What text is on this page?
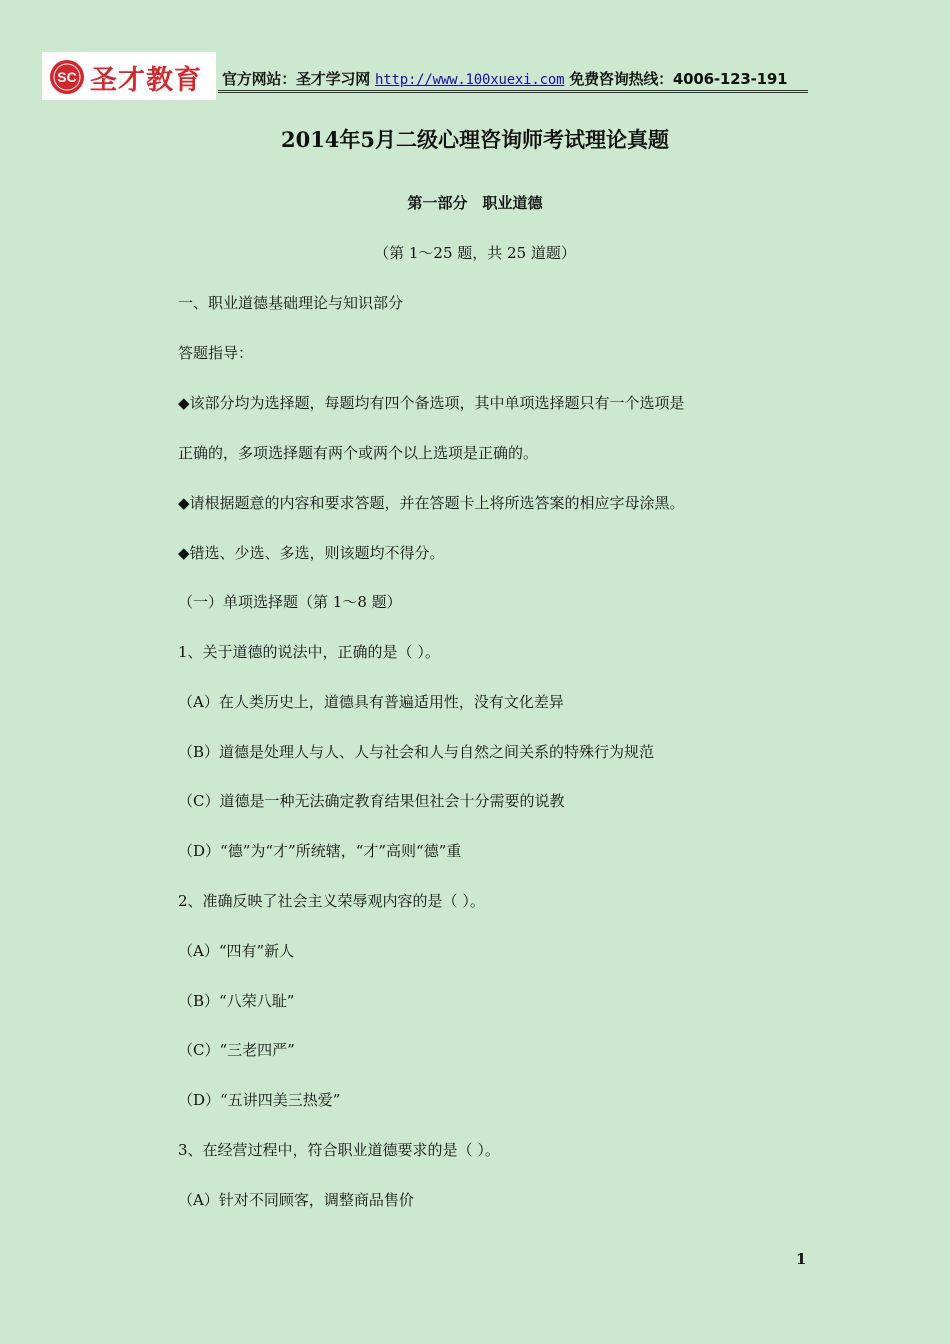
SC 圣才教育 官方网站：圣才学习网 http://www.100xuexi.com 免费咨询热线：4006-123-191
2014年5月二级心理咨询师考试理论真题
第一部分　职业道德
（第 1～25 题，共 25 道题）
一、职业道德基础理论与知识部分
答题指导：
◆该部分均为选择题，每题均有四个备选项，其中单项选择题只有一个选项是
正确的，多项选择题有两个或两个以上选项是正确的。
◆请根据题意的内容和要求答题，并在答题卡上将所选答案的相应字母涂黑。
◆错选、少选、多选，则该题均不得分。
（一）单项选择题（第 1～8 题）
1、关于道德的说法中，正确的是（ ）。
（A）在人类历史上，道德具有普遍适用性，没有文化差异
（B）道德是处理人与人、人与社会和人与自然之间关系的特殊行为规范
（C）道德是一种无法确定教育结果但社会十分需要的说教
（D）“德”为“才”所统辖，“才”高则“德”重
2、准确反映了社会主义荣辱观内容的是（ ）。
（A）“四有”新人
（B）“八荣八耻”
（C）“三老四严”
（D）“五讲四美三热爱”
3、在经营过程中，符合职业道德要求的是（ ）。
（A）针对不同顾客，调整商品售价
1
